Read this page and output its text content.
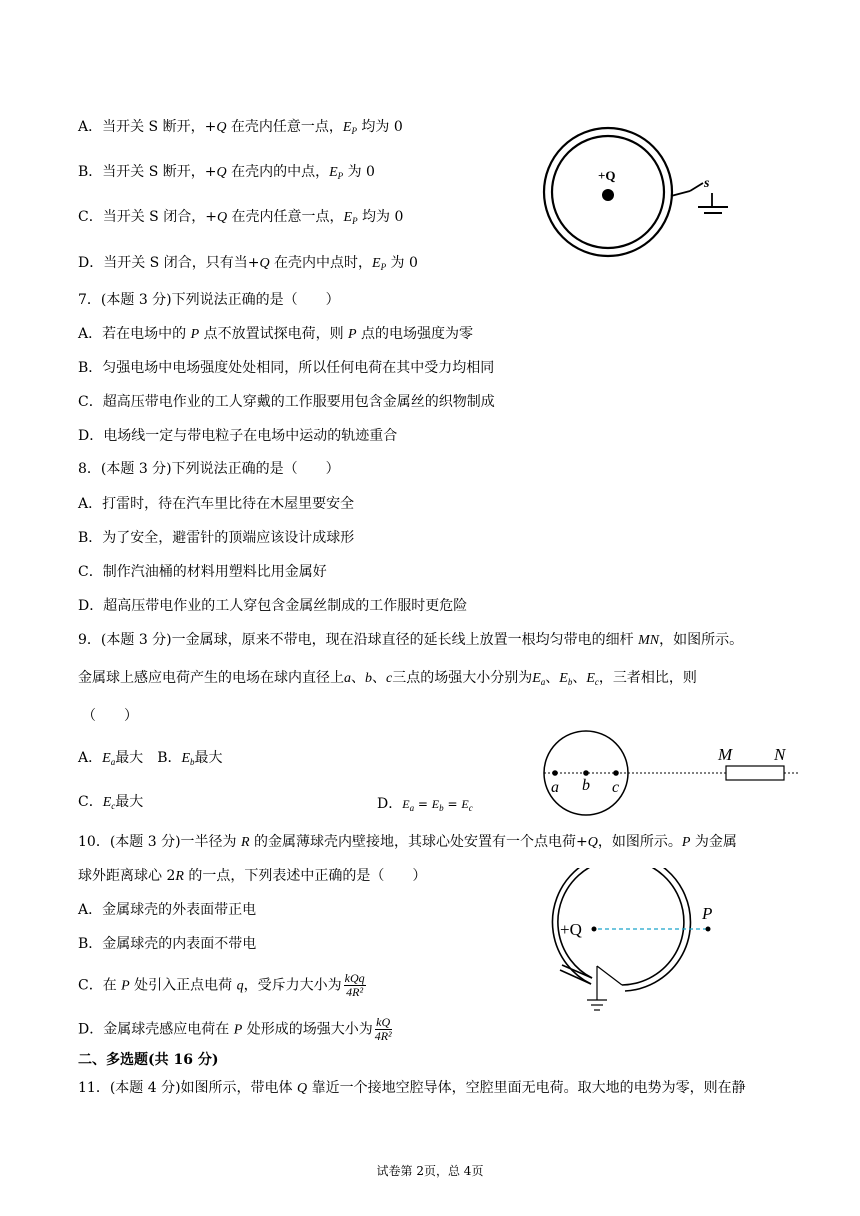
A．当开关 S 断开，+Q 在壳内任意一点，$E_P$ 均为 0
B．当开关 S 断开，+Q 在壳内的中点，$E_P$ 为 0
C．当开关 S 闭合，+Q 在壳内任意一点，$E_P$ 均为 0
D．当开关 S 闭合，只有当+Q 在壳内中点时，$E_P$ 为 0
+Q
s
7．(本题 3 分)下列说法正确的是（　　）
A．若在电场中的 P 点不放置试探电荷，则 P 点的电场强度为零
B．匀强电场中电场强度处处相同，所以任何电荷在其中受力均相同
C．超高压带电作业的工人穿戴的工作服要用包含金属丝的织物制成
D．电场线一定与带电粒子在电场中运动的轨迹重合
8．(本题 3 分)下列说法正确的是（　　）
A．打雷时，待在汽车里比待在木屋里要安全
B．为了安全，避雷针的顶端应该设计成球形
C．制作汽油桶的材料用塑料比用金属好
D．超高压带电作业的工人穿包含金属丝制成的工作服时更危险
9．(本题 3 分)一金属球，原来不带电，现在沿球直径的延长线上放置一根均匀带电的细杆 MN，如图所示。
金属球上感应电荷产生的电场在球内直径上a、b、c三点的场强大小分别为$E_a$、$E_b$、$E_c$，三者相比，则
（　　）
A．$E_a$最大 B．$E_b$最大
C．$E_c$最大	D．$E_a = E_b = E_c$
a b c
M N
10．(本题 3 分)一半径为 R 的金属薄球壳内壁接地，其球心处安置有一个点电荷+Q，如图所示。P 为金属
球外距离球心 2R 的一点，下列表述中正确的是（　　）
A．金属球壳的外表面带正电
B．金属球壳的内表面不带电
C．在 P 处引入正点电荷 q，受斥力大小为 $\frac{\text{kQq}}{\text{4R²}}$
D．金属球壳感应电荷在 P 处形成的场强大小为 $\frac{kQ}{\text{4R²}}$
+Q
P
二、多选题(共 16 分)
11．(本题 4 分)如图所示，带电体 Q 靠近一个接地空腔导体，空腔里面无电荷。取大地的电势为零，则在静
试卷第 2页，总 4页
